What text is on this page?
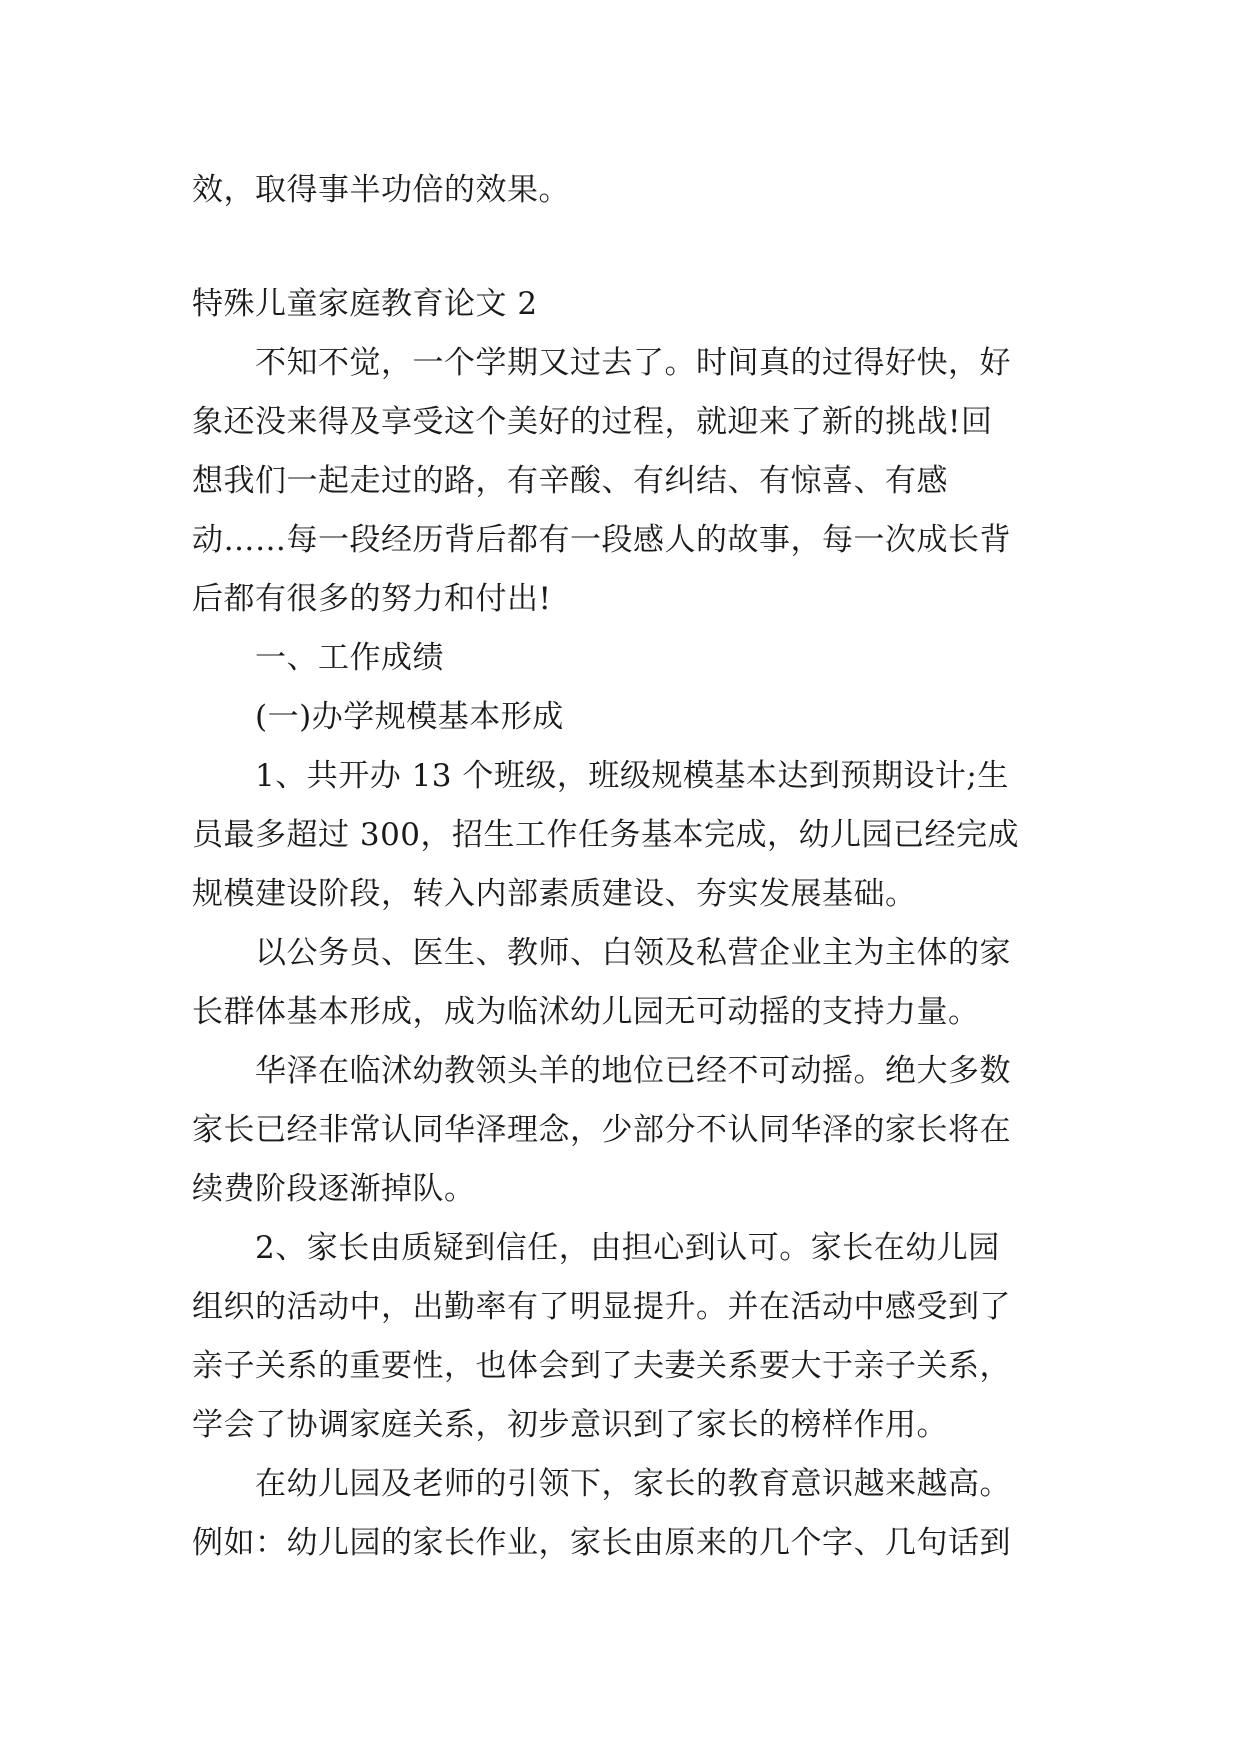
效，取得事半功倍的效果。
特殊儿童家庭教育论文 2
不知不觉，一个学期又过去了。时间真的过得好快，好
象还没来得及享受这个美好的过程，就迎来了新的挑战!回
想我们一起走过的路，有辛酸、有纠结、有惊喜、有感
动……每一段经历背后都有一段感人的故事，每一次成长背
后都有很多的努力和付出!
一、工作成绩
(一)办学规模基本形成
1、共开办 13 个班级，班级规模基本达到预期设计;生
员最多超过 300，招生工作任务基本完成，幼儿园已经完成
规模建设阶段，转入内部素质建设、夯实发展基础。
以公务员、医生、教师、白领及私营企业主为主体的家
长群体基本形成，成为临沭幼儿园无可动摇的支持力量。
华泽在临沭幼教领头羊的地位已经不可动摇。绝大多数
家长已经非常认同华泽理念，少部分不认同华泽的家长将在
续费阶段逐渐掉队。
2、家长由质疑到信任，由担心到认可。家长在幼儿园
组织的活动中，出勤率有了明显提升。并在活动中感受到了
亲子关系的重要性，也体会到了夫妻关系要大于亲子关系，
学会了协调家庭关系，初步意识到了家长的榜样作用。
在幼儿园及老师的引领下，家长的教育意识越来越高。
例如：幼儿园的家长作业，家长由原来的几个字、几句话到
